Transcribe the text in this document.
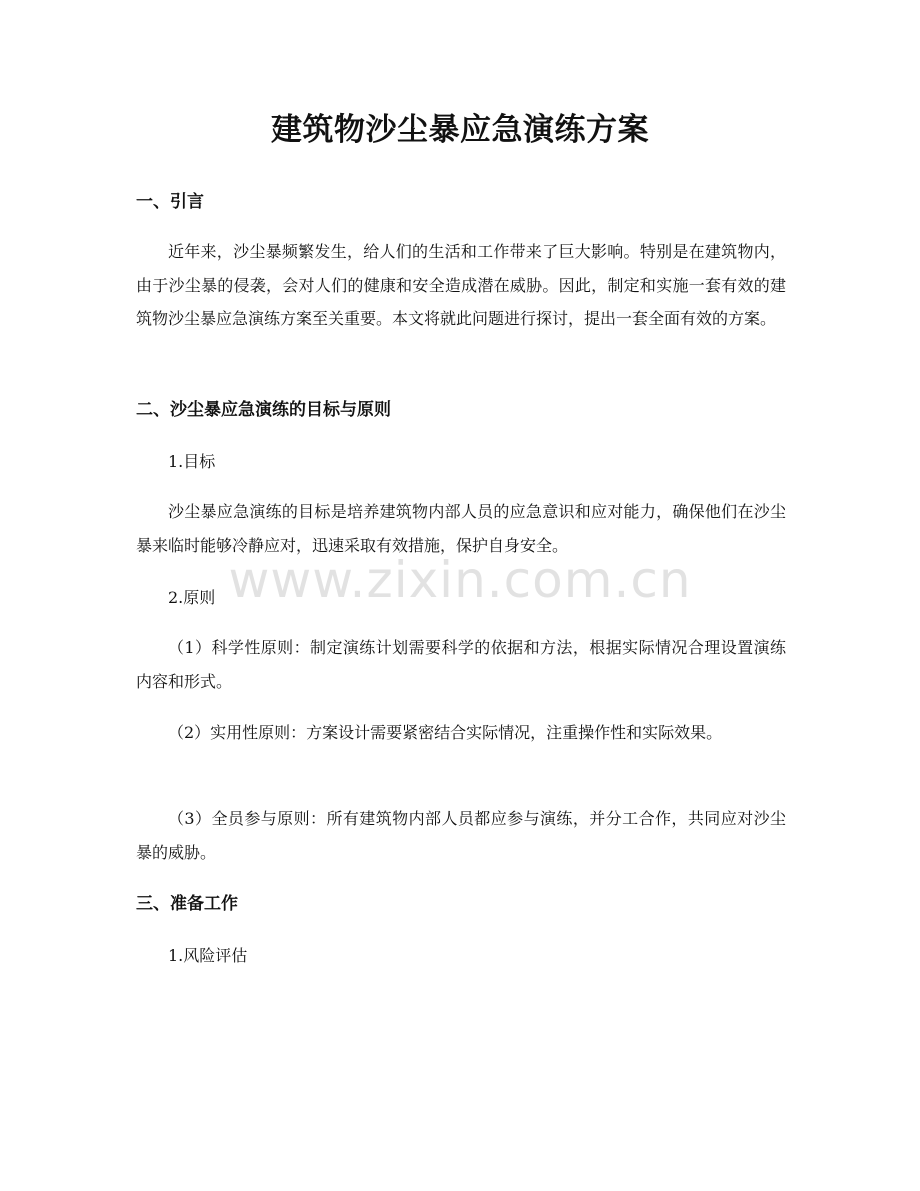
建筑物沙尘暴应急演练方案
一、引言

近年来，沙尘暴频繁发生，给人们的生活和工作带来了巨大影响。特别是在建筑物内，由于沙尘暴的侵袭，会对人们的健康和安全造成潜在威胁。因此，制定和实施一套有效的建筑物沙尘暴应急演练方案至关重要。本文将就此问题进行探讨，提出一套全面有效的方案。

二、沙尘暴应急演练的目标与原则

1.目标

沙尘暴应急演练的目标是培养建筑物内部人员的应急意识和应对能力，确保他们在沙尘暴来临时能够冷静应对，迅速采取有效措施，保护自身安全。

2.原则

（1）科学性原则：制定演练计划需要科学的依据和方法，根据实际情况合理设置演练内容和形式。

（2）实用性原则：方案设计需要紧密结合实际情况，注重操作性和实际效果。

（3）全员参与原则：所有建筑物内部人员都应参与演练，并分工合作，共同应对沙尘暴的威胁。

三、准备工作

1.风险评估

www.zixin.com.cn
